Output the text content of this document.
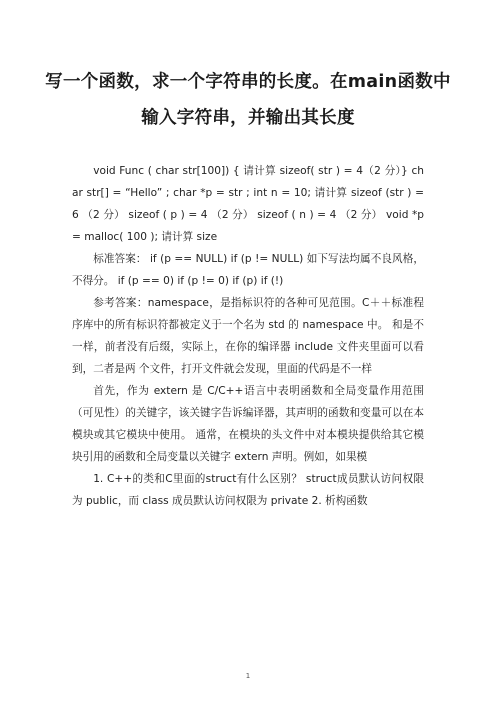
写一个函数，求一个字符串的长度。在main函数中输入字符串，并输出其长度

void Func ( char str[100]) { 请计算 sizeof( str ) = 4（2 分）} char str[] = “Hello” ; char *p = str ; int n = 10; 请计算 sizeof (str ) = 6 （2 分） sizeof ( p ) = 4 （2 分） sizeof ( n ) = 4 （2 分） void *p = malloc( 100 ); 请计算 size

标准答案： if (p == NULL) if (p != NULL) 如下写法均属不良风格，不得分。 if (p == 0) if (p != 0) if (p) if (!)

参考答案：namespace，是指标识符的各种可见范围。C＋＋标准程序库中的所有标识符都被定义于一个名为 std 的 namespace 中。 和是不一样，前者没有后缀，实际上，在你的编译器 include 文件夹里面可以看到，二者是两 个文件，打开文件就会发现，里面的代码是不一样

首先，作为 extern 是 C/C++语言中表明函数和全局变量作用范围（可见性）的关键字，该关键字告诉编译器，其声明的函数和变量可以在本模块或其它模块中使用。 通常，在模块的头文件中对本模块提供给其它模块引用的函数和全局变量以关键字 extern 声明。例如，如果模

1. C++的类和C里面的struct有什么区别？ struct成员默认访问权限为 public，而 class 成员默认访问权限为 private 2. 析构函数

1
